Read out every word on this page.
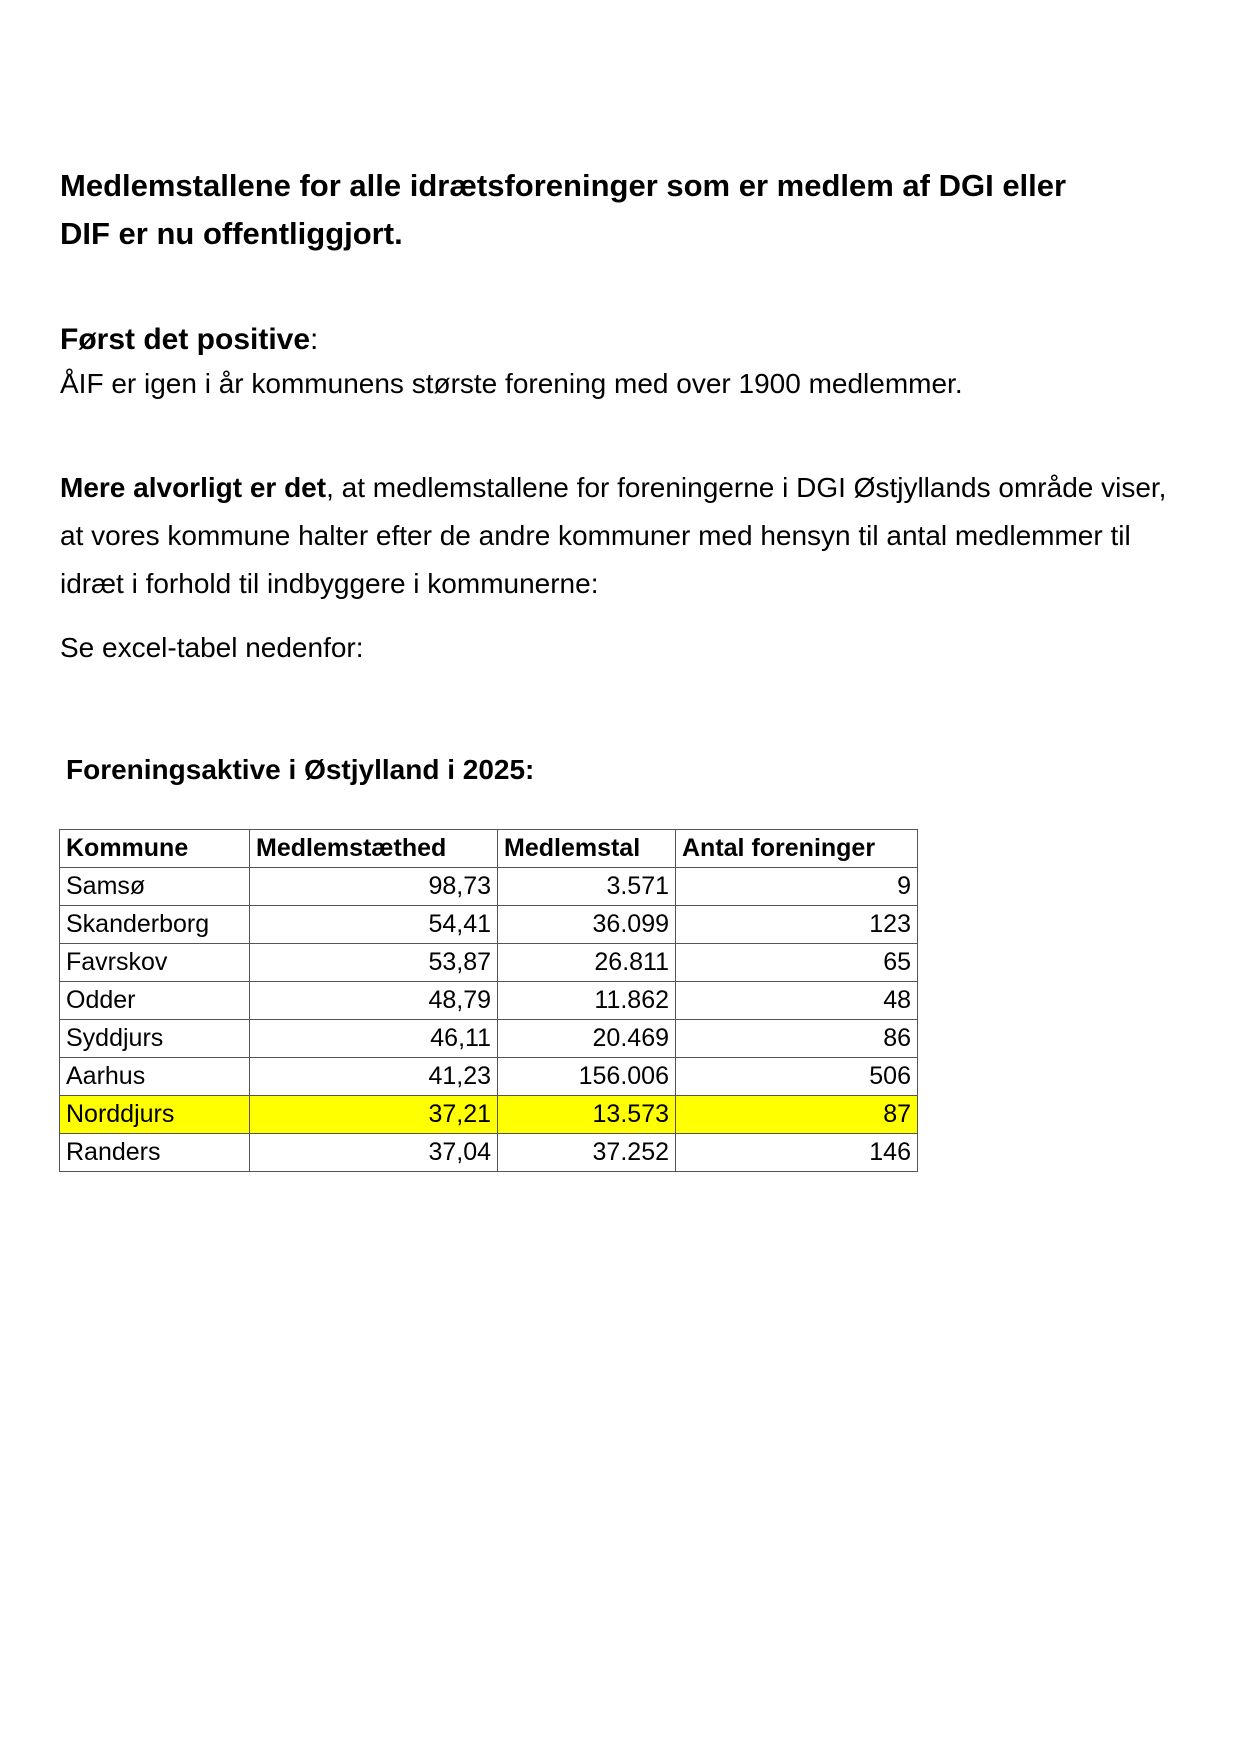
Medlemstallene for alle idrætsforeninger som er medlem af DGI eller
DIF er nu offentliggjort.

Først det positive:

ÅIF er igen i år kommunens største forening med over 1900 medlemmer.

Mere alvorligt er det, at medlemstallene for foreningerne i DGI Østjyllands område viser, at vores kommune halter efter de andre kommuner med hensyn til antal medlemmer til idræt i forhold til indbyggere i kommunerne:

Se excel-tabel nedenfor:

Foreningsaktive i Østjylland i 2025:

Kommune	Medlemstæthed	Medlemstal	Antal foreninger
Samsø	98,73	3.571	9
Skanderborg	54,41	36.099	123
Favrskov	53,87	26.811	65
Odder	48,79	11.862	48
Syddjurs	46,11	20.469	86
Aarhus	41,23	156.006	506
Norddjurs	37,21	13.573	87
Randers	37,04	37.252	146
